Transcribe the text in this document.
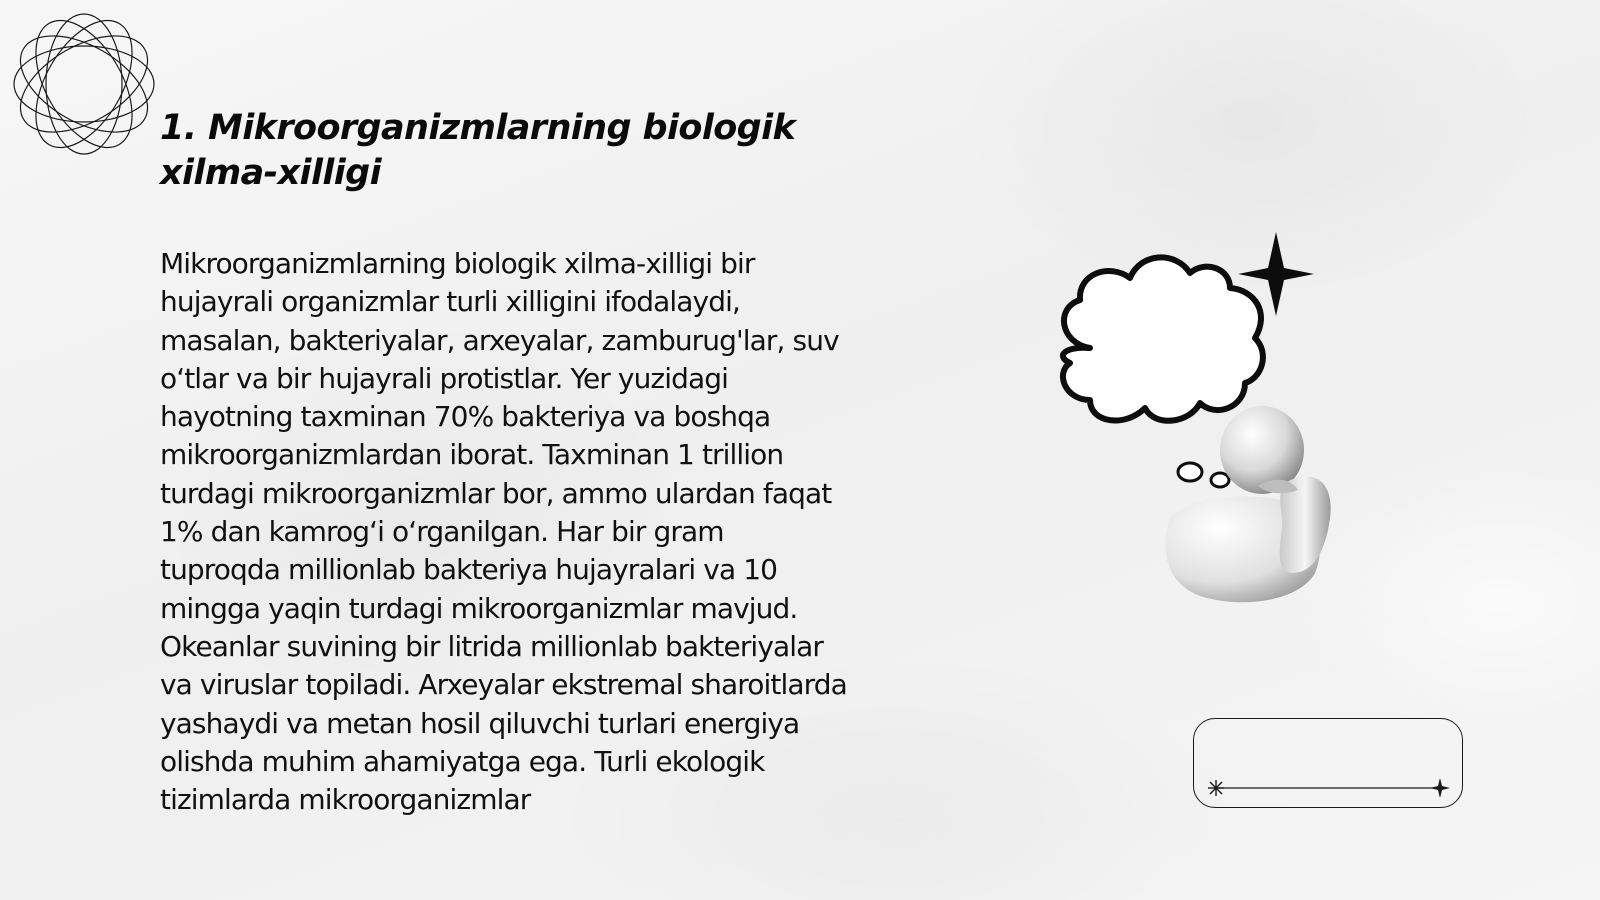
1. Mikroorganizmlarning biologik xilma-xilligi

Mikroorganizmlarning biologik xilma-xilligi bir hujayrali organizmlar turli xilligini ifodalaydi, masalan, bakteriyalar, arxeyalar, zamburug'lar, suv o‘tlar va bir hujayrali protistlar. Yer yuzidagi hayotning taxminan 70% bakteriya va boshqa mikroorganizmlardan iborat. Taxminan 1 trillion turdagi mikroorganizmlar bor, ammo ulardan faqat 1% dan kamrog‘i o‘rganilgan. Har bir gram tuproqda millionlab bakteriya hujayralari va 10 mingga yaqin turdagi mikroorganizmlar mavjud. Okeanlar suvining bir litrida millionlab bakteriyalar va viruslar topiladi. Arxeyalar ekstremal sharoitlarda yashaydi va metan hosil qiluvchi turlari energiya olishda muhim ahamiyatga ega. Turli ekologik tizimlarda mikroorganizmlar
